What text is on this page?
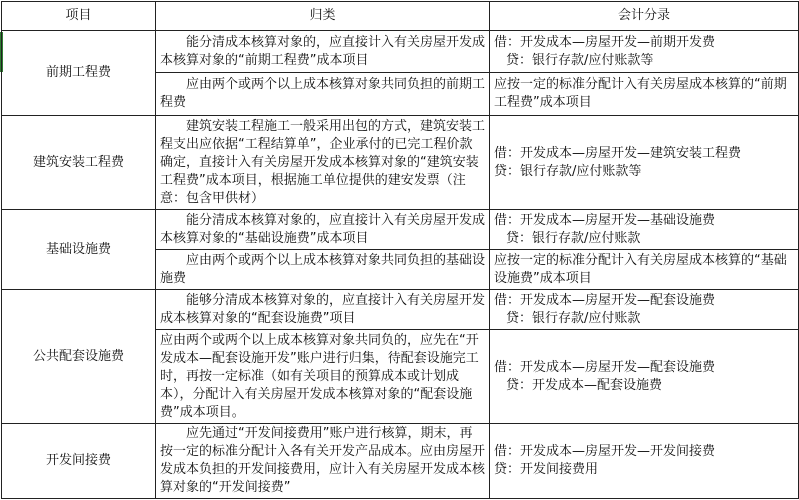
项目	归类	会计分录
前期工程费	能分清成本核算对象的，应直接计入有关房屋开发成本核算对象的“前期工程费”成本项目	借：开发成本—房屋开发—前期开发费
贷：银行存款/应付账款等

	应由两个或两个以上成本核算对象共同负担的前期工程费	应按一定的标准分配计入有关房屋成本核算的“前期工程费”成本项目
建筑安装工程费	建筑安装工程施工一般采用出包的方式，建筑安装工程支出应依据“工程结算单”，企业承付的已完工程价款确定，直接计入有关房屋开发成本核算对象的“建筑安装工程费”成本项目，根据施工单位提供的建安发票（注意：包含甲供材）	借：开发成本—房屋开发—建筑安装工程费
贷：银行存款/应付账款等

基础设施费	能分清成本核算对象的，应直接计入有关房屋开发成本核算对象的“基础设施费”成本项目	借：开发成本—房屋开发—基础设施费
贷：银行存款/应付账款

	应由两个或两个以上成本核算对象共同负担的基础设施费	应按一定的标准分配计入有关房屋成本核算的“基础设施费”成本项目
公共配套设施费	能够分清成本核算对象的，应直接计入有关房屋开发成本核算对象的“配套设施费”项目	借：开发成本—房屋开发—配套设施费
贷：银行存款/应付账款

	应由两个或两个以上成本核算对象共同负的，应先在“开发成本—配套设施开发”账户进行归集，待配套设施完工时，再按一定标准（如有关项目的预算成本或计划成本），分配计入有关房屋开发成本核算对象的“配套设施费”成本项目。	借：开发成本—房屋开发—配套设施费
贷：开发成本—配套设施费

开发间接费	应先通过“开发间接费用”账户进行核算，期末，再按一定的标准分配计入各有关开发产品成本。应由房屋开发成本负担的开发间接费用，应计入有关房屋开发成本核算对象的“开发间接费”	借：开发成本—房屋开发—开发间接费
贷：开发间接费用
